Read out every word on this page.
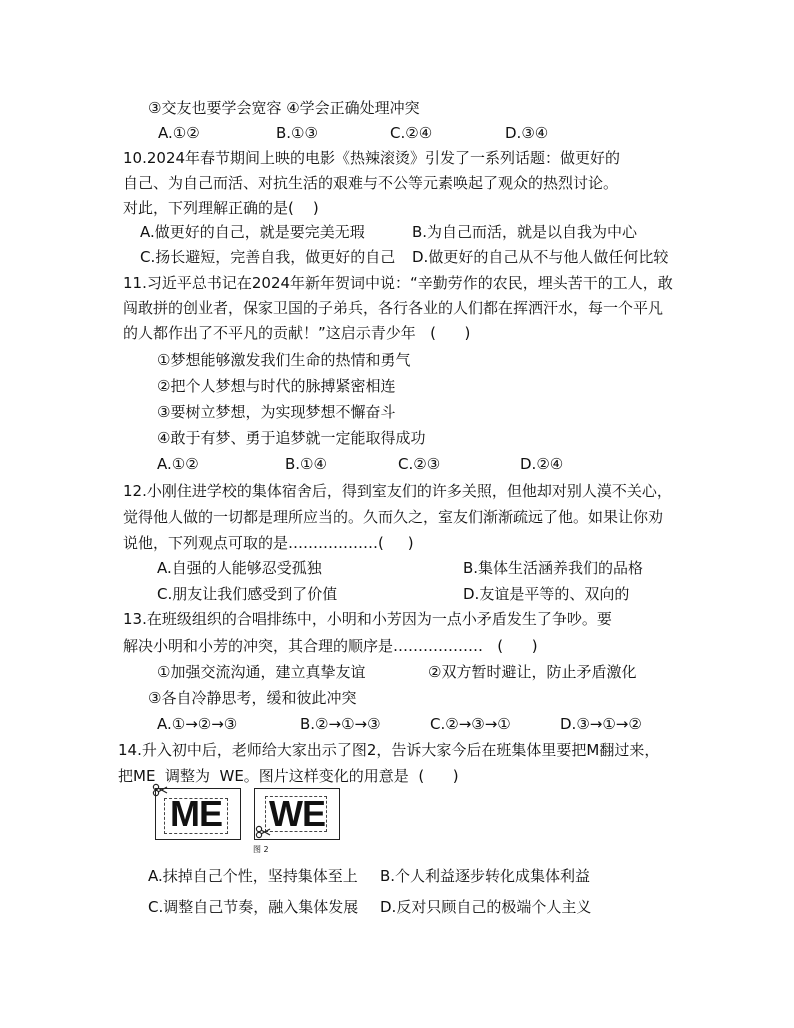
③交友也要学会宽容 ④学会正确处理冲突
A.①②	B.①③	C.②④	D.③④
10.2024年春节期间上映的电影《热辣滚烫》引发了一系列话题：做更好的
自己、为自己而活、对抗生活的艰难与不公等元素唤起了观众的热烈讨论。
对此，下列理解正确的是(    )
A.做更好的自己，就是要完美无瑕	B.为自己而活，就是以自我为中心
C.扬长避短，完善自我，做更好的自己 D.做更好的自己从不与他人做任何比较
11.习近平总书记在2024年新年贺词中说：“辛勤劳作的农民，埋头苦干的工人，敢
闯敢拼的创业者，保家卫国的子弟兵，各行各业的人们都在挥洒汗水，每一个平凡
的人都作出了不平凡的贡献！”这启示青少年   (      )
①梦想能够激发我们生命的热情和勇气
②把个人梦想与时代的脉搏紧密相连
③要树立梦想，为实现梦想不懈奋斗
④敢于有梦、勇于追梦就一定能取得成功
A.①②	B.①④	C.②③	D.②④
12.小刚住进学校的集体宿舍后，得到室友们的许多关照，但他却对别人漠不关心，
觉得他人做的一切都是理所应当的。久而久之，室友们渐渐疏远了他。如果让你劝
说他，下列观点可取的是………………(     )
A.自强的人能够忍受孤独	B.集体生活涵养我们的品格
C.朋友让我们感受到了价值	D.友谊是平等的、双向的
13.在班级组织的合唱排练中，小明和小芳因为一点小矛盾发生了争吵。要
解决小明和小芳的冲突，其合理的顺序是………………   (      )
①加强交流沟通，建立真挚友谊	②双方暂时避让，防止矛盾激化
③各自冷静思考，缓和彼此冲突
A.①→②→③	B.②→①→③	C.②→③→①	D.③→①→②
14.升入初中后，老师给大家出示了图2，告诉大家今后在班集体里要把M翻过来，
把ME  调整为  WE。图片这样变化的用意是  (      )
ME WE
图 2
A.抹掉自己个性，坚持集体至上 B.个人利益逐步转化成集体利益
C.调整自己节奏，融入集体发展 D.反对只顾自己的极端个人主义
